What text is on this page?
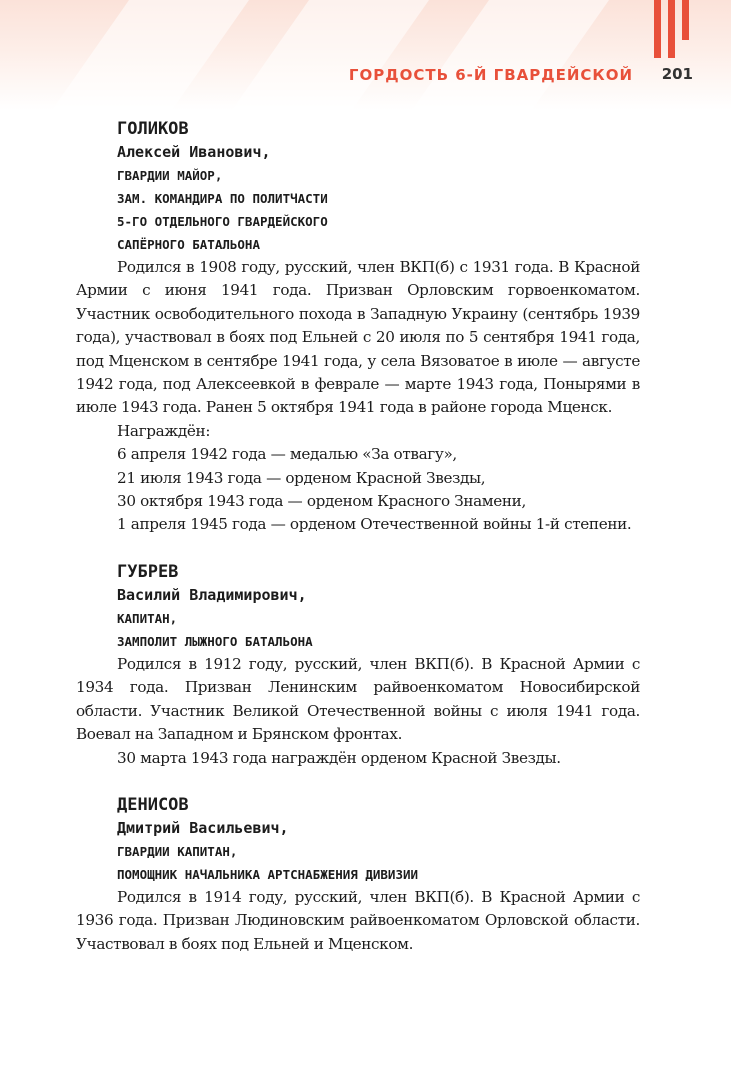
ГОРДОСТЬ 6-Й ГВАРДЕЙСКОЙ 201
ГОЛИКОВ
Алексей Иванович,
ГВАРДИИ МАЙОР,
ЗАМ. КОМАНДИРА ПО ПОЛИТЧАСТИ
5-ГО ОТДЕЛЬНОГО ГВАРДЕЙСКОГО
САПЁРНОГО БАТАЛЬОНА

Родился в 1908 году, русский, член ВКП(б) с 1931 года. В Красной Армии с июня 1941 года. Призван Орловским горвоенкоматом. Участник освободительного похода в Западную Украину (сентябрь 1939 года), участвовал в боях под Ельней с 20 июля по 5 сентября 1941 года, под Мценском в сентябре 1941 года, у села Вязоватое в июле — августе 1942 года, под Алексеевкой в феврале — марте 1943 года, Понырями в июле 1943 года. Ранен 5 октября 1941 года в районе города Мценск.

Награждён:

6 апреля 1942 года — медалью «За отвагу»,

21 июля 1943 года — орденом Красной Звезды,

30 октября 1943 года — орденом Красного Знамени,

1 апреля 1945 года — орденом Отечественной войны 1-й степени.

ГУБРЕВ
Василий Владимирович,
КАПИТАН,
ЗАМПОЛИТ ЛЫЖНОГО БАТАЛЬОНА

Родился в 1912 году, русский, член ВКП(б). В Красной Армии с 1934 года. Призван Ленинским райвоенкоматом Новосибирской области. Участник Великой Отечественной войны с июля 1941 года. Воевал на Западном и Брянском фронтах.

30 марта 1943 года награждён орденом Красной Звезды.

ДЕНИСОВ
Дмитрий Васильевич,
ГВАРДИИ КАПИТАН,
ПОМОЩНИК НАЧАЛЬНИКА АРТСНАБЖЕНИЯ ДИВИЗИИ

Родился в 1914 году, русский, член ВКП(б). В Красной Армии с 1936 года. Призван Людиновским райвоенкоматом Орловской области. Участвовал в боях под Ельней и Мценском.
